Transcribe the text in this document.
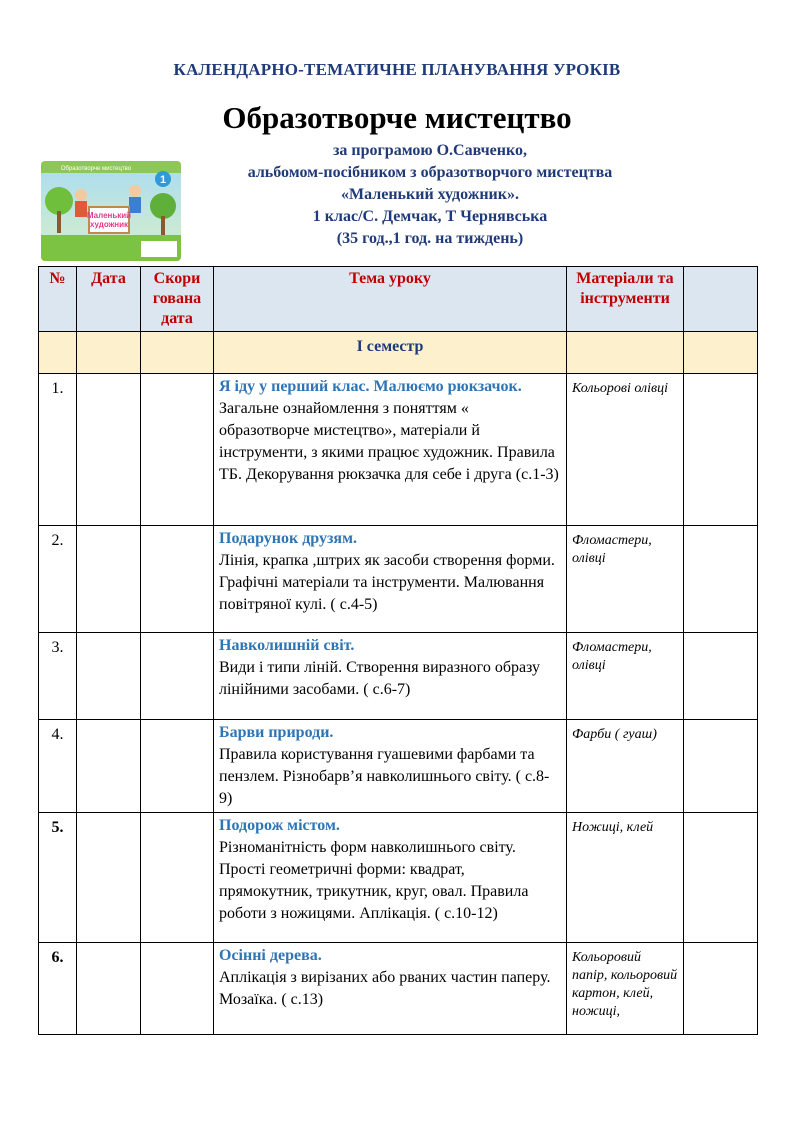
КАЛЕНДАРНО-ТЕМАТИЧНЕ ПЛАНУВАННЯ УРОКІВ
Образотворче мистецтво
за програмою О.Савченко,
альбомом-посібником з образотворчого мистецтва
«Маленький художник».
1 клас/С. Демчак, Т Чернявська
(35 год.,1 год. на тиждень)
Образотворче мистецтво
Маленький
художник
1
№	Дата	Скори гована дата	Тема уроку	Матеріали та інструменти	
			І семестр		
1.			Я іду у перший клас. Малюємо рюкзачок.
Загальне ознайомлення з поняттям « образотворче мистецтво», матеріали й інструменти, з якими працює художник. Правила ТБ. Декорування рюкзачка для себе і друга (с.1-3)	Кольорові олівці	
2.			Подарунок друзям.
Лінія, крапка ,штрих як засоби створення форми. Графічні матеріали та інструменти. Малювання повітряної кулі. ( с.4-5)	Фломастери, олівці	
3.			Навколишній світ.
Види і типи ліній. Створення виразного образу лінійними засобами. ( с.6-7)	Фломастери, олівці	
4.			Барви природи.
Правила користування гуашевими фарбами та пензлем. Різнобарв’я навколишнього світу. ( с.8-9)	Фарби ( гуаш)	
5.			Подорож містом.
Різноманітність форм навколишнього світу. Прості геометричні форми: квадрат, прямокутник, трикутник, круг, овал. Правила роботи з ножицями. Аплікація. ( с.10-12)	Ножиці, клей	
6.			Осінні дерева.
Аплікація з вирізаних або рваних частин паперу. Мозаїка. ( с.13)	Кольоровий папір, кольоровий картон, клей, ножиці,	
